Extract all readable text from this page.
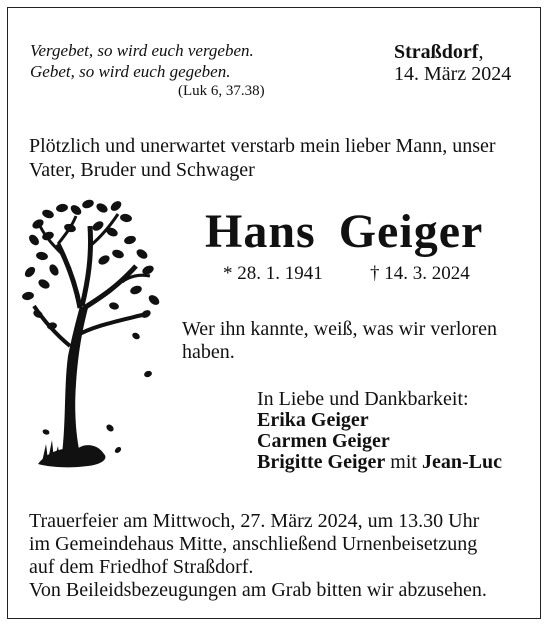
Vergebet, so wird euch vergeben.
Gebet, so wird euch gegeben.
(Luk 6, 37.38)
Straßdorf,
14. März 2024
Plötzlich und unerwartet verstarb mein lieber Mann, unser
Vater, Bruder und Schwager
Hans Geiger
* 28. 1. 1941 † 14. 3. 2024
Wer ihn kannte, weiß, was wir verloren
haben.
In Liebe und Dankbarkeit:
Erika Geiger
Carmen Geiger
Brigitte Geiger mit Jean-Luc
Trauerfeier am Mittwoch, 27. März 2024, um 13.30 Uhr
im Gemeindehaus Mitte, anschließend Urnenbeisetzung
auf dem Friedhof Straßdorf.
Von Beileidsbezeugungen am Grab bitten wir abzusehen.
